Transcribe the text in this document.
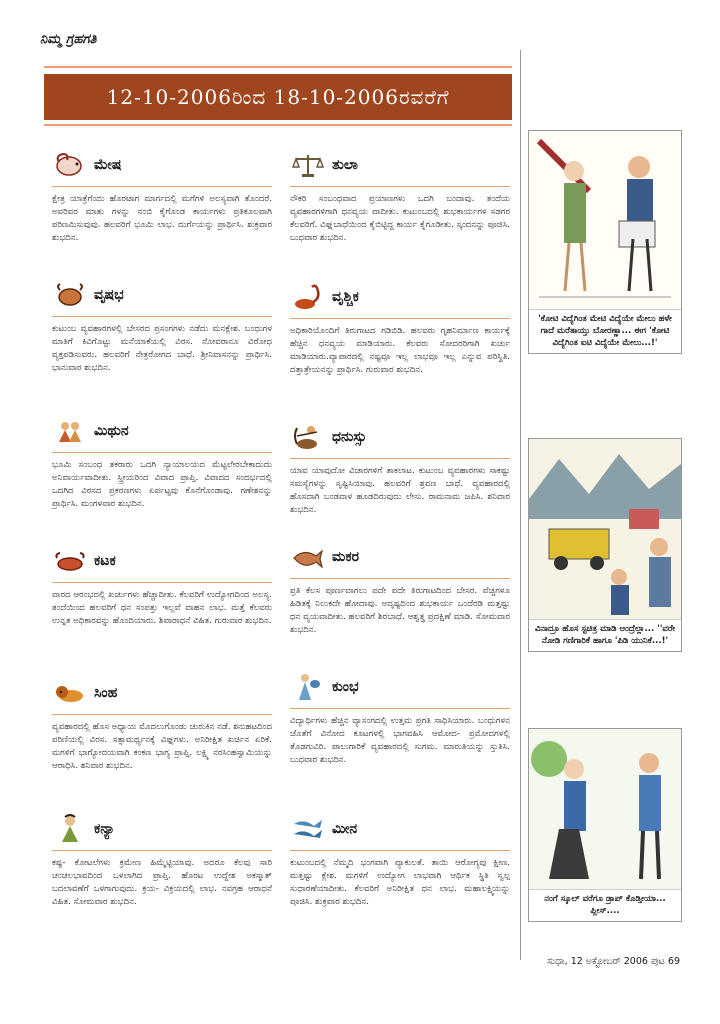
ನಿಮ್ಮ ಗ್ರಹಗತಿ
12-10-2006ರಿಂದ 18-10-2006ರವರೆಗೆ
ಮೇಷ
ಕ್ಷೇತ್ರ ಯಾತ್ರೆಗೆಂದು ಹೊರಟಾಗ ಮಾರ್ಗದಲ್ಲಿ ಮಗೆಗಳಿ ಅಲಸ್ಯವಾಗಿ ತೊಂದರೆ. ಅವರಿವರ ಮಾತು ಗಳನ್ನು ನಂಬಿ ಕೈಗೊಂಡ ಕಾರ್ಯಗಳು ಪ್ರತಿಕೂಲವಾಗಿ ಪರಿಣಮಿಸುವುವು. ಹಲವರಿಗೆ ಭೂಮಿ ಲಾಭ. ದುರ್ಗೆಯನ್ನು ಪ್ರಾರ್ಥಿಸಿ. ಶುಕ್ರವಾರ ಶುಭದಿನ.
ವೃಷಭ
ಕುಟುಂಬ ವ್ಯವಹಾರಗಳಲ್ಲಿ ಬೇಸರದ ಪ್ರಸಂಗಗಳು ನಡೆದು ಮನಕ್ಲೇಶ. ಬಂಧುಗಳ ಮಾತಿಗೆ ಕಿವಿಗೊಟ್ಟು ಮನೆಯಾಕೆಯಲ್ಲಿ ವಿರಸ. ನೋವರಾನೂ ವಿರೋಧ ವ್ಯಕ್ತಪಡಿಸುವರು. ಹಲವರಿಗೆ ನೇತ್ರರೋಗದ ಬಾಧೆ. ಶ್ರೀನಿವಾಸನನ್ನು ಪ್ರಾರ್ಥಿಸಿ. ಭಾನುವಾರ ಶುಭದಿನ.
ಮಿಥುನ
ಭೂಮಿ ಸಂಬಂಧ ತಕರಾರು ಒದಗಿ ನ್ಯಾಯಾಲಯದ ಮೆಟ್ಟಲೇರಬೇಕಾದುದು ಅನಿವಾರ್ಯವಾದೀತು. ಸ್ತ್ರೀಯರಿಂದ ವಿವಾದ ಪ್ರಾಪ್ತಿ. ವಿವಾದದ ಸಂದರ್ಭದಲ್ಲಿ ಒದಗಿದ ವಿರಸದ ಪ್ರಕರಣಗಳು ಏರ್ಪಟ್ಟವು ಕೊನೆಗೊಂಡಾವು. ಗಣೇಶನನ್ನು ಪ್ರಾರ್ಥಿಸಿ. ಮಂಗಳವಾರ ಶುಭದಿನ.
ಕಟಕ
ವಾರದ ಆರಂಭದಲ್ಲಿ ಖರ್ಚುಗಳು ಹೆಚ್ಚಾದೀತು. ಕೆಲವರಿಗೆ ಉದ್ಯೋಗದಿಂದ ಅಲಸ್ಯ. ತಂದೆಯಿಂದ ಹಲವರಿಗೆ ಧನ ಸಂಪತ್ತು ಇಲ್ಲವೆ ವಾಹನ ಲಾಭ. ಮತ್ತೆ ಕೆಲವರು ಉನ್ನತ ಅಧಿಕಾರವನ್ನು ಹೊಂದಿಯಾರು. ಶಿವಾರಾಧನೆ ವಿಹಿತ. ಗುರುವಾರ ಶುಭದಿನ.
ಸಿಂಹ
ವ್ಯವಹಾರದಲ್ಲಿ ಹೊಸ ಅಧ್ಯಾಯ ಮೊದಲುಗೊಂಡು ಚುರುಕಿನ ನಡೆ. ಶನುಹಟದಿಂದ ಪರಿಣಿಯಲ್ಲಿ ವಿರಸ. ಸತ್ಸಾಮರ್ಥ್ಯನಕ್ಕೆ ವಿಘ್ನಗಳು. ಅನಿರೀಕ್ಷಿತ ಖರ್ಚಿನ ಏರಿಕೆ. ಮಗಳಿಗೆ ಭಾಗ್ಯೋದಯವಾಗಿ ಕಂಕಣ ಭಾಗ್ಯ ಪ್ರಾಪ್ತಿ. ಲಕ್ಷ್ಮಿ ನರಸಿಂಹಸ್ವಾಮಿಯನ್ನು ಆರಾಧಿಸಿ. ಶನಿವಾರ ಶುಭದಿನ.
ಕನ್ಯಾ
ಕಷ್ಟ- ಕೋಟಲೆಗಳು ಕ್ರಮೇಣ ಹಿಮ್ಮೆಟ್ಟಿಯಾವು. ಅದರೂ ಕೆಲವು ಸಾರಿ ಚಂಚಲಭಾವದಿಂದ ಒಳಲಾಗಿದ ಪ್ರಾಪ್ತಿ. ಹೊರಟ ಉದ್ದೇಶ ಅಕಸ್ಮಾತ್ ಬದಲಾವಣೆಗೆ ಒಳಗಾಗುವುದು. ಕ್ರಯ- ವಿಕ್ರಯದಲ್ಲಿ ಲಾಭ. ನವಗ್ರಹ ಆರಾಧನೆ ವಿಹಿತ. ಸೋಮವಾರ ಶುಭದಿನ.
ತುಲಾ
ನೌಕರಿ ಸಂಬಂಧವಾದ ಪ್ರಯಾಣಗಳು ಒದಗಿ ಬಂದಾವು. ತಂದೆಯ ವ್ಯವಹಾರಗಳಿಗಾಗಿ ಧನವ್ಯಯ ವಾದೀತು. ಕುಟುಂಬದಲ್ಲಿ ಶುಭಕಾರ್ಯಗಳ ಸಡಗರ ಕೆಲವರಿಗೆ. ವಿಘ್ನಬಾಧೆಯಿಂದ ಕೈಬಿಟ್ಟಿದ್ದ ಕಾರ್ಯ ಕೈಗೂಡೀತು. ಸ್ಕಂದನನ್ನು ಪೂಜಿಸಿ. ಬುಧವಾರ ಶುಭದಿನ.
ವೃಶ್ಚಿಕ
ಅಧಿಕಾರಿಯೊಂದಿಗೆ ತಿರುಗಾಟದ ಗಡಿಬಿಡಿ. ಹಲವರು ಗೃಹನಿರ್ಮಾಣ ಕಾರ್ಯಕ್ಕೆ ಹೆಚ್ಚಿನ ಧನವ್ಯಯ ಮಾಡಿಯಾರು. ಕೆಲವರು ಸೋದರರಿಗಾಗಿ ಖರ್ಚು ಮಾಡಿಯಾರು.ವ್ಯಾಪಾರದಲ್ಲಿ ನಷ್ಟವೂ ಇಲ್ಲ ಲಾಭವೂ ಇಲ್ಲ ಎನ್ನುವ ಪರಿಸ್ಥಿತಿ. ದತ್ತಾತ್ರೇಯನನ್ನು ಪ್ರಾರ್ಥಿಸಿ. ಗುರುವಾರ ಶುಭದಿನ.
ಧನುಸ್ಸು
ಯಾವ ಯಾವುದೋ ವಿಚಾರಗಳಿಗೆ ತಾಕಲಾಟ. ಕುಟುಂಬ ವ್ಯವಹಾರಗಳು ಸಾಕಷ್ಟು ಸಮಸ್ಯೆಗಳನ್ನು ಸೃಷ್ಟಿಸಿಯಾವು. ಹಲವರಿಗೆ ಶ್ರವಣ ಬಾಧೆ. ವ್ಯವಹಾರದಲ್ಲಿ ಹೊಸದಾಗಿ ಬಂಡವಾಳ ಹೂಡದಿರುವುದು ಲೇಸು. ರಾಮನಾಮ ಜಪಿಸಿ. ಶನಿವಾರ ಶುಭದಿನ.
ಮಕರ
ಪ್ರತಿ ಕೆಲಸ ಪೂರ್ಣವಾಗಲು ಪದೇ ಪದೇ ತಿರುಗಾಟದಿಂದ ಬೇಸರ. ವೆಚ್ಚಗಳೂ ಹಿಡಿತಕ್ಕೆ ನಿಲುಕದೇ ಹೋದಾವು. ಅದೃಷ್ಟದಿಂದ ಶುಭಕಾರ್ಯ ಒಂದೆರಡಿ ಮತ್ತಷ್ಟು ಧನ ವ್ಯಯವಾದೀತು. ಹಲವರಿಗೆ ಶಿರಬಾಧೆ. ಆಶ್ವತ್ಥ ಪ್ರದಕ್ಷಿಣೆ ಮಾಡಿ. ಸೋಮವಾರ ಶುಭದಿನ.
ಕುಂಭ
ವಿದ್ಯಾರ್ಥಿಗಳು ಹೆಚ್ಚಿನ ವ್ಯಾಸಂಗದಲ್ಲಿ ಉತ್ತಮ ಪ್ರಗತಿ ಸಾಧಿಸಿಯಾರು. ಬಂಧುಗಳನ ಜೊತೆಗೆ ವಿನೋದ ಕೂಟಗಳಲ್ಲಿ ಭಾಗವಹಿಸಿ ಆಮೋದ- ಪ್ರಮೋದಗಳಲ್ಲಿ ತೊಡಗುವಿರಿ. ಪಾಲುಗಾರಿಕೆ ವ್ಯವಹಾರದಲ್ಲಿ ಸುಗಮ. ಮಾರುತಿಯನ್ನು ಸ್ತುತಿಸಿ. ಬುಧವಾರ ಶುಭದಿನ.
ಮೀನ
ಕುಟುಂಬದಲ್ಲಿ ನೆಮ್ಮದಿ ಭಂಗವಾಗಿ ವ್ಯಾಕುಲತೆ. ತಾಯಿ ಆರೋಗ್ಯವು ಕ್ಷೀಣ. ಮತ್ತಷ್ಟು ಕ್ಲೇಶ. ಮಗಳಿಗೆ ಉದ್ಯೋಗ ಲಾಭವಾಗಿ ಆರ್ಥಿಕ ಸ್ಥಿತಿ ಸ್ವಲ್ಪ ಸುಧಾರಣೆಯಾದೀತು. ಕೆಲವರಿಗೆ ಅನಿರೀಕ್ಷಿತ ಧನ ಲಾಭ. ಮಹಾಲಕ್ಷ್ಮಿಯನ್ನು ಪೂಜಿಸಿ. ಶುಕ್ರವಾರ ಶುಭದಿನ.
'ಕೋಟಿ ವಿದ್ಯೆಗಿಂತ ಮೇಟಿ ವಿದ್ಯೆಯೇ ಮೇಲು ಹಳೇ ಗಾದೆ ಮರೆತಾಯ್ತು ಬೋರಣ್ಣಾ... ಈಗ 'ಕೋಟಿ ವಿದ್ಯೆಗಿಂತ ಐಟಿ ವಿದ್ಯೆಯೇ ಮೇಲು...!'
ವಿನಾದ್ರೂ ಹೊಸ ಸ್ಟಚಿತ್ರ ಮಾಡಿ ಆಂದ್ರೆಲ್ಲಾ... ''ವರೇ ನೋಡಿ ಗಣಿಗಾರಿಕೆ ಹಾಗೂ 'ಪಿಡಿ ಯುನಿಕೆ...!'
ನಂಗೆ ಸ್ಕೂಲ್ ವರೆಗೂ ಡ್ರಾಪ್ ಕೊಡ್ತೀಯಾ... ಪ್ಲೀಸ್....
ಸುಧಾ, 12 ಅಕ್ಟೋಬರ್ 2006 ಪುಟ 69
